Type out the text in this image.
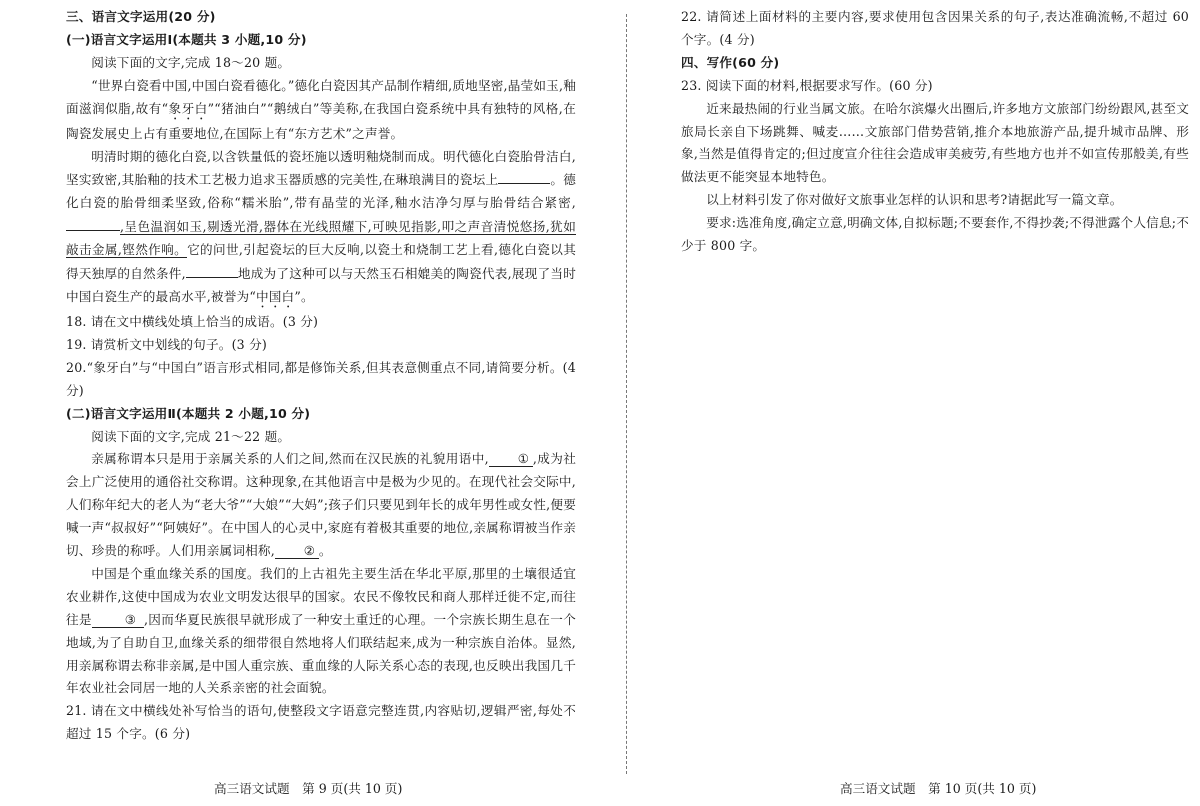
三、语言文字运用(20 分)

(一)语言文字运用Ⅰ(本题共 3 小题,10 分)

阅读下面的文字,完成 18～20 题。

“世界白瓷看中国,中国白瓷看德化。”德化白瓷因其产品制作精细,质地坚密,晶莹如玉,釉面滋润似脂,故有“象牙白”“猪油白”“鹅绒白”等美称,在我国白瓷系统中具有独特的风格,在陶瓷发展史上占有重要地位,在国际上有“东方艺术”之声誉。

明清时期的德化白瓷,以含铁量低的瓷坯施以透明釉烧制而成。明代德化白瓷胎骨洁白,坚实致密,其胎釉的技术工艺极力追求玉器质感的完美性,在琳琅满目的瓷坛上	。德化白瓷的胎骨细柔坚致,俗称“糯米胎”,带有晶莹的光泽,釉水洁净匀厚与胎骨结合紧密,,呈色温润如玉,剔透光滑,器体在光线照耀下,可映见指影,叩之声音清悦悠扬,犹如敲击金属,铿然作响。它的问世,引起瓷坛的巨大反响,以瓷土和烧制工艺上看,德化白瓷以其得天独厚的自然条件,	地成为了这种可以与天然玉石相媲美的陶瓷代表,展现了当时中国白瓷生产的最高水平,被誉为“中国白”。

18. 请在文中横线处填上恰当的成语。(3 分)

19. 请赏析文中划线的句子。(3 分)

20.“象牙白”与“中国白”语言形式相同,都是修饰关系,但其表意侧重点不同,请简要分析。(4 分)

(二)语言文字运用Ⅱ(本题共 2 小题,10 分)

阅读下面的文字,完成 21～22 题。

亲属称谓本只是用于亲属关系的人们之间,然而在汉民族的礼貌用语中, ① ,成为社会上广泛使用的通俗社交称谓。这种现象,在其他语言中是极为少见的。在现代社会交际中,人们称年纪大的老人为“老大爷”“大娘”“大妈”;孩子们只要见到年长的成年男性或女性,便要喊一声“叔叔好”“阿姨好”。在中国人的心灵中,家庭有着极其重要的地位,亲属称谓被当作亲切、珍贵的称呼。人们用亲属词相称, ② 。

中国是个重血缘关系的国度。我们的上古祖先主要生活在华北平原,那里的土壤很适宜农业耕作,这使中国成为农业文明发达很早的国家。农民不像牧民和商人那样迁徙不定,而往往是	③ ,因而华夏民族很早就形成了一种安土重迁的心理。一个宗族长期生息在一个地域,为了自助自卫,血缘关系的细带很自然地将人们联结起来,成为一种宗族自治体。显然,用亲属称谓去称非亲属,是中国人重宗族、重血缘的人际关系心态的表现,也反映出我国几千年农业社会同居一地的人关系亲密的社会面貌。

21. 请在文中横线处补写恰当的语句,使整段文字语意完整连贯,内容贴切,逻辑严密,每处不超过 15 个字。(6 分)

高三语文试题　第 9 页(共 10 页)

22. 请简述上面材料的主要内容,要求使用包含因果关系的句子,表达准确流畅,不超过 60 个字。(4 分)

四、写作(60 分)

23. 阅读下面的材料,根据要求写作。(60 分)

近来最热闹的行业当属文旅。在哈尔滨爆火出圈后,许多地方文旅部门纷纷跟风,甚至文旅局长亲自下场跳舞、喊麦……文旅部门借势营销,推介本地旅游产品,提升城市品牌、形象,当然是值得肯定的;但过度宣介往往会造成审美疲劳,有些地方也并不如宣传那般美,有些做法更不能突显本地特色。

以上材料引发了你对做好文旅事业怎样的认识和思考?请据此写一篇文章。

要求:选准角度,确定立意,明确文体,自拟标题;不要套作,不得抄袭;不得泄露个人信息;不少于 800 字。

高三语文试题　第 10 页(共 10 页)
